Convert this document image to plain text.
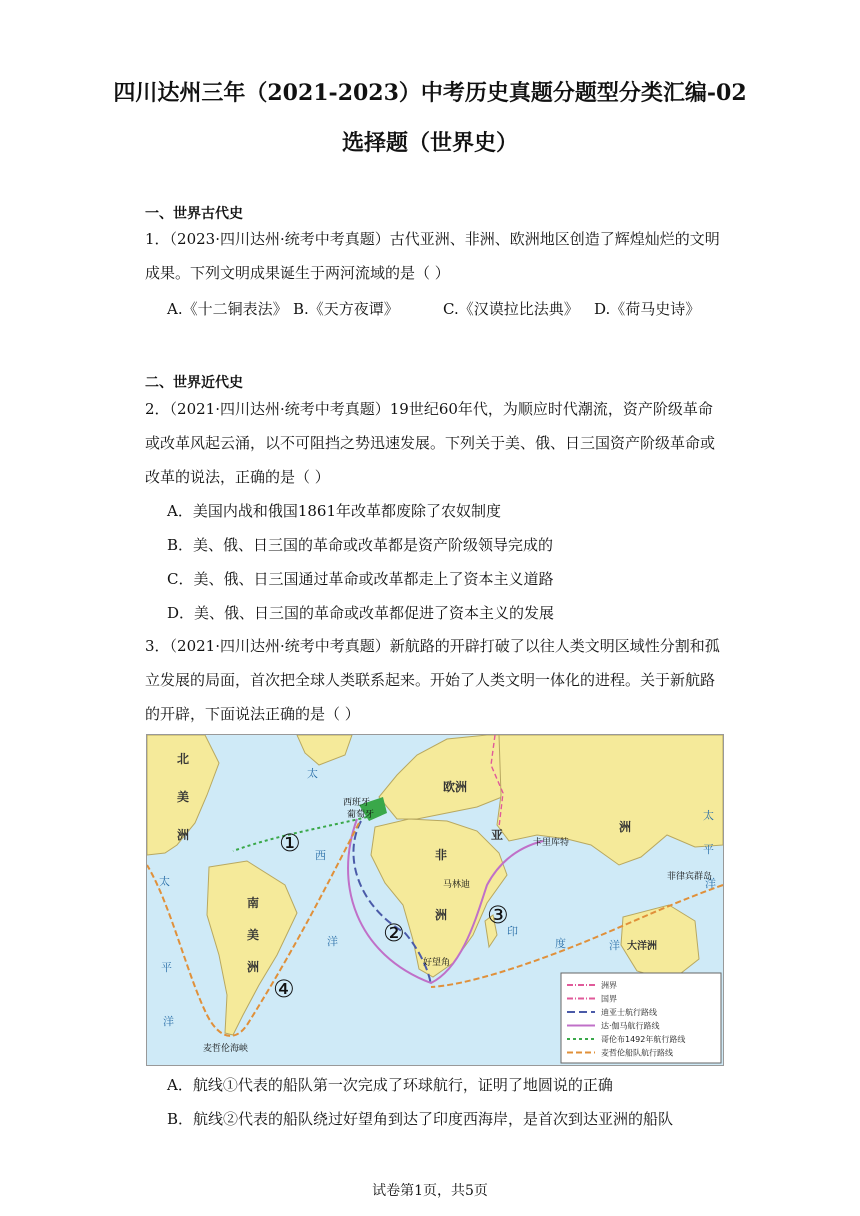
四川达州三年（2021-2023）中考历史真题分题型分类汇编-02
选择题（世界史）
一、世界古代史

1．（2023·四川达州·统考中考真题）古代亚洲、非洲、欧洲地区创造了辉煌灿烂的文明成果。下列文明成果诞生于两河流域的是（ ）

A.《十二铜表法》 B.《天方夜谭》	C.《汉谟拉比法典》 D.《荷马史诗》
二、世界近代史

2．（2021·四川达州·统考中考真题）19世纪60年代，为顺应时代潮流，资产阶级革命或改革风起云涌，以不可阻挡之势迅速发展。下列关于美、俄、日三国资产阶级革命或改革的说法，正确的是（ ）

A．美国内战和俄国1861年改革都废除了农奴制度
B．美、俄、日三国的革命或改革都是资产阶级领导完成的
C．美、俄、日三国通过革命或改革都走上了资本主义道路
D．美、俄、日三国的革命或改革都促进了资本主义的发展

3．（2021·四川达州·统考中考真题）新航路的开辟打破了以往人类文明区域性分割和孤立发展的局面，首次把全球人类联系起来。开始了人类文明一体化的进程。关于新航路的开辟，下面说法正确的是（ ）

北
美
洲
南
美
洲
欧洲
洲
亚
非
洲
大洋洲
太
西
洋
太
平
洋
太
平
洋
印
度	洋
西班牙
葡萄牙
卡里库特
马林迪
好望角
菲律宾群岛
麦哲伦海峡
①
②
③
④	洲界
国界
迪亚士航行路线
达·伽马航行路线
哥伦布1492年航行路线
麦哲伦船队航行路线
A．航线①代表的船队第一次完成了环球航行，证明了地圆说的正确
B．航线②代表的船队绕过好望角到达了印度西海岸，是首次到达亚洲的船队
试卷第1页，共5页
